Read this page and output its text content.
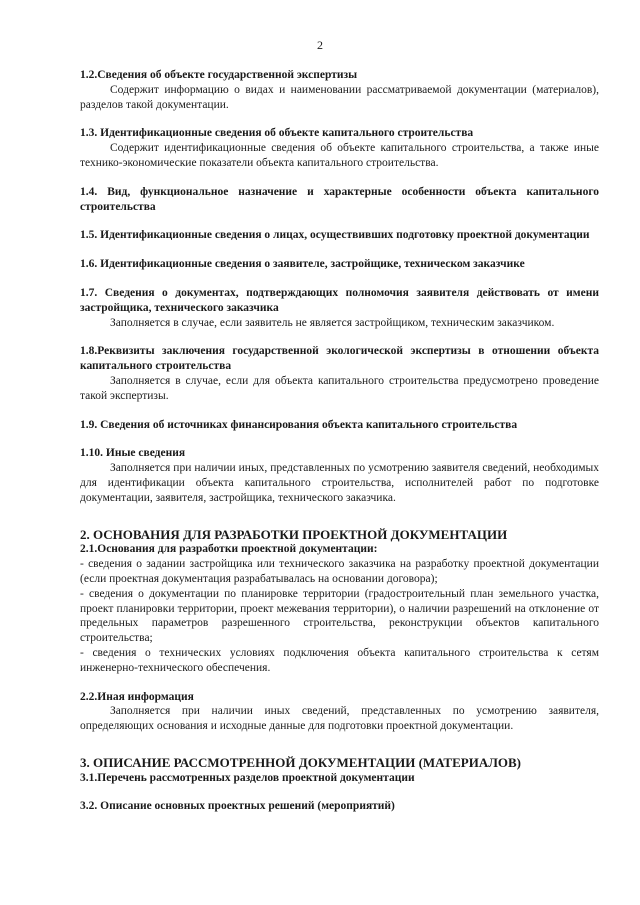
2

1.2.Сведения об объекте государственной экспертизы

Содержит информацию о видах и наименовании рассматриваемой документации (материалов), разделов такой документации.

1.3. Идентификационные сведения об объекте капитального строительства

Содержит идентификационные сведения об объекте капитального строительства, а также иные технико-экономические показатели объекта капитального строительства.

1.4. Вид, функциональное назначение и характерные особенности объекта капитального строительства

1.5. Идентификационные сведения о лицах, осуществивших подготовку проектной документации

1.6. Идентификационные сведения о заявителе, застройщике, техническом заказчике

1.7. Сведения о документах, подтверждающих полномочия заявителя действовать от имени застройщика, технического заказчика

Заполняется в случае, если заявитель не является застройщиком, техническим заказчиком.

1.8.Реквизиты заключения государственной экологической экспертизы в отношении объекта капитального строительства

Заполняется в случае, если для объекта капитального строительства предусмотрено проведение такой экспертизы.

1.9. Сведения об источниках финансирования объекта капитального строительства

1.10. Иные сведения

Заполняется при наличии иных, представленных по усмотрению заявителя сведений, необходимых для идентификации объекта капитального строительства, исполнителей работ по подготовке документации, заявителя, застройщика, технического заказчика.

2. ОСНОВАНИЯ ДЛЯ РАЗРАБОТКИ ПРОЕКТНОЙ ДОКУМЕНТАЦИИ

2.1.Основания для разработки проектной документации:

- сведения о задании застройщика или технического заказчика на разработку проектной документации (если проектная документация разрабатывалась на основании договора);

- сведения о документации по планировке территории (градостроительный план земельного участка, проект планировки территории, проект межевания территории), о наличии разрешений на отклонение от предельных параметров разрешенного строительства, реконструкции объектов капитального строительства;

- сведения о технических условиях подключения объекта капитального строительства к сетям инженерно-технического обеспечения.

2.2.Иная информация

Заполняется при наличии иных сведений, представленных по усмотрению заявителя, определяющих основания и исходные данные для подготовки проектной документации.

3. ОПИСАНИЕ РАССМОТРЕННОЙ ДОКУМЕНТАЦИИ (МАТЕРИАЛОВ)

3.1.Перечень рассмотренных разделов проектной документации

3.2. Описание основных проектных решений (мероприятий)
